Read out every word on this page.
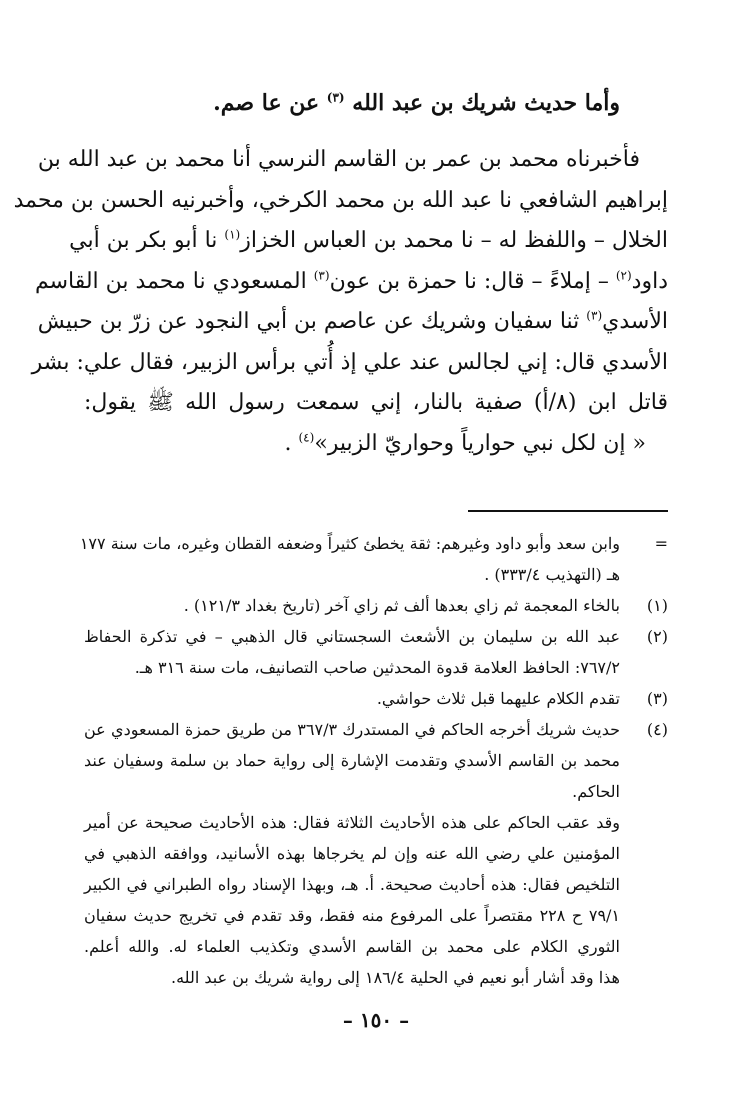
وأما حديث شريك بن عبد الله $^{(٣)}$ عن عا صم.
فأخبرناه محمد بن عمر بن القاسم النرسي أنا محمد بن عبد الله بن
إبراهيم الشافعي نا عبد الله بن محمد الكرخي، وأخبرنيه الحسن بن محمد
الخلال – واللفظ له – نا محمد بن العباس الخزاز$^{(١)}$ نا أبو بكر بن أبي
داود$^{(٢)}$ – إملاءً – قال: نا حمزة بن عون$^{(٣)}$ المسعودي نا محمد بن القاسم
الأسدي$^{(٣)}$ ثنا سفيان وشريك عن عاصم بن أبي النجود عن زرّ بن حبيش
الأسدي قال: إني لجالس عند علي إذ أُتي برأس الزبير، فقال علي: بشر
قاتل ابن (٨/أ) صفية بالنار، إني سمعت رسول الله ﷺ يقول:
« إن لكل نبي حوارياً وحواريّ الزبير»$^{(٤)}$ .
=
وابن سعد وأبو داود وغيرهم: ثقة يخطئ كثيراً وضعفه القطان وغيره، مات سنة ١٧٧
هـ (التهذيب ٣٣٣/٤) .
(١)
بالخاء المعجمة ثم زاي بعدها ألف ثم زاي آخر (تاريخ بغداد ١٢١/٣) .
(٢)
عبد الله بن سليمان بن الأشعث السجستاني قال الذهبي – في تذكرة الحفاظ
٧٦٧/٢: الحافظ العلامة قدوة المحدثين صاحب التصانيف، مات سنة ٣١٦ هـ.
(٣)
تقدم الكلام عليهما قبل ثلاث حواشي.
(٤)
حديث شريك أخرجه الحاكم في المستدرك ٣٦٧/٣ من طريق حمزة المسعودي عن
محمد بن القاسم الأسدي وتقدمت الإشارة إلى رواية حماد بن سلمة وسفيان عند
الحاكم.
وقد عقب الحاكم على هذه الأحاديث الثلاثة فقال: هذه الأحاديث صحيحة عن أمير
المؤمنين علي رضي الله عنه وإن لم يخرجاها بهذه الأسانيد، ووافقه الذهبي في
التلخيص فقال: هذه أحاديث صحيحة. أ. هـ، وبهذا الإسناد رواه الطبراني في الكبير
٧٩/١ ح ٢٢٨ مقتصراً على المرفوع منه فقط، وقد تقدم في تخريج حديث سفيان
الثوري الكلام على محمد بن القاسم الأسدي وتكذيب العلماء له. والله أعلم.
هذا وقد أشار أبو نعيم في الحلية ١٨٦/٤ إلى رواية شريك بن عبد الله.
– ١٥٠ –
